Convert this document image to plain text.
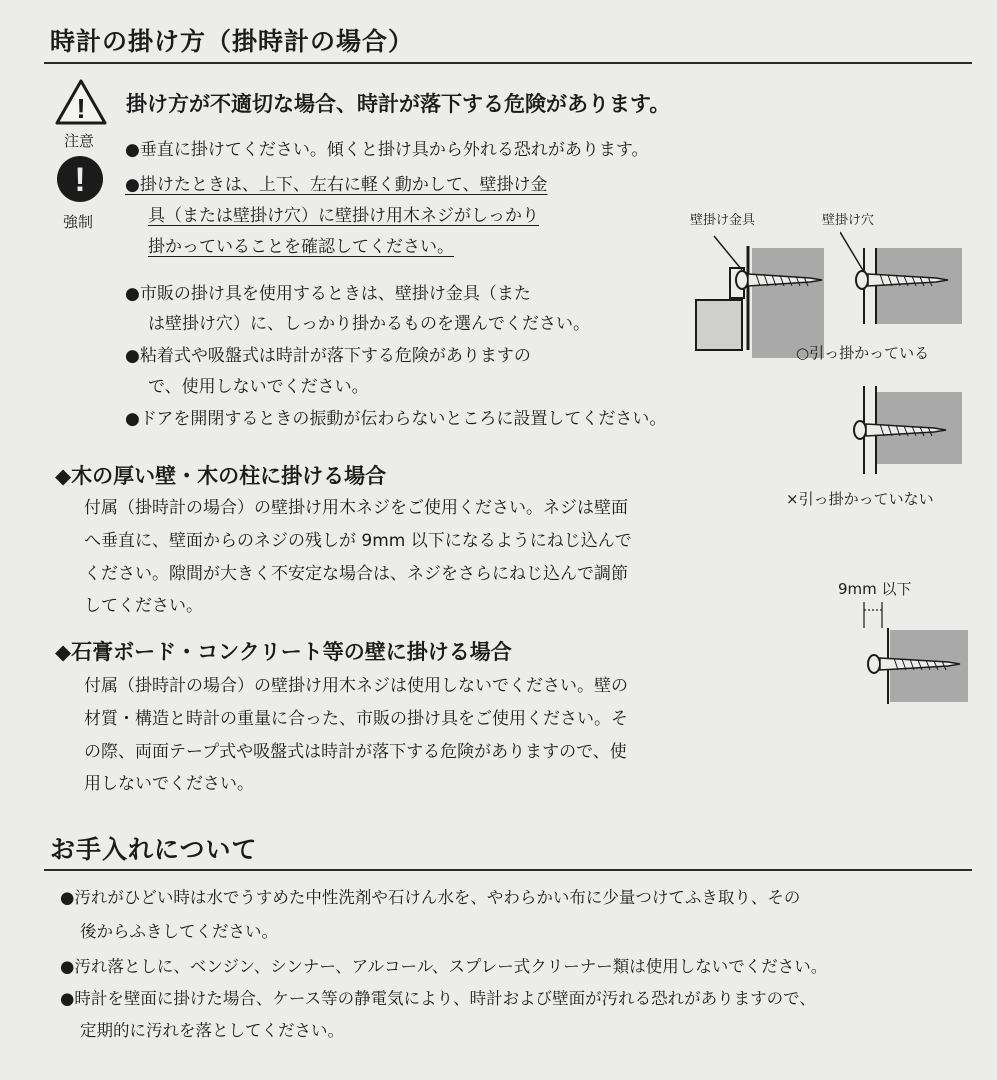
時計の掛け方（掛時計の場合）
!
注意
!
強制
掛け方が不適切な場合、時計が落下する危険があります。
●垂直に掛けてください。傾くと掛け具から外れる恐れがあります。
●掛けたときは、上下、左右に軽く動かして、壁掛け金
具（または壁掛け穴）に壁掛け用木ネジがしっかり
掛かっていることを確認してください。
●市販の掛け具を使用するときは、壁掛け金具（また
は壁掛け穴）に、しっかり掛かるものを選んでください。
●粘着式や吸盤式は時計が落下する危険がありますの
で、使用しないでください。
●ドアを開閉するときの振動が伝わらないところに設置してください。
◆木の厚い壁・木の柱に掛ける場合
付属（掛時計の場合）の壁掛け用木ネジをご使用ください。ネジは壁面
へ垂直に、壁面からのネジの残しが 9mm 以下になるようにねじ込んで
ください。隙間が大きく不安定な場合は、ネジをさらにねじ込んで調節
してください。
◆石膏ボード・コンクリート等の壁に掛ける場合
付属（掛時計の場合）の壁掛け用木ネジは使用しないでください。壁の
材質・構造と時計の重量に合った、市販の掛け具をご使用ください。そ
の際、両面テープ式や吸盤式は時計が落下する危険がありますので、使
用しないでください。
壁掛け金具	壁掛け穴
○引っ掛かっている
×引っ掛かっていない
9mm 以下
お手入れについて
●汚れがひどい時は水でうすめた中性洗剤や石けん水を、やわらかい布に少量つけてふき取り、その
後からふきしてください。
●汚れ落としに、ベンジン、シンナー、アルコール、スプレー式クリーナー類は使用しないでください。
●時計を壁面に掛けた場合、ケース等の静電気により、時計および壁面が汚れる恐れがありますので、
定期的に汚れを落としてください。
